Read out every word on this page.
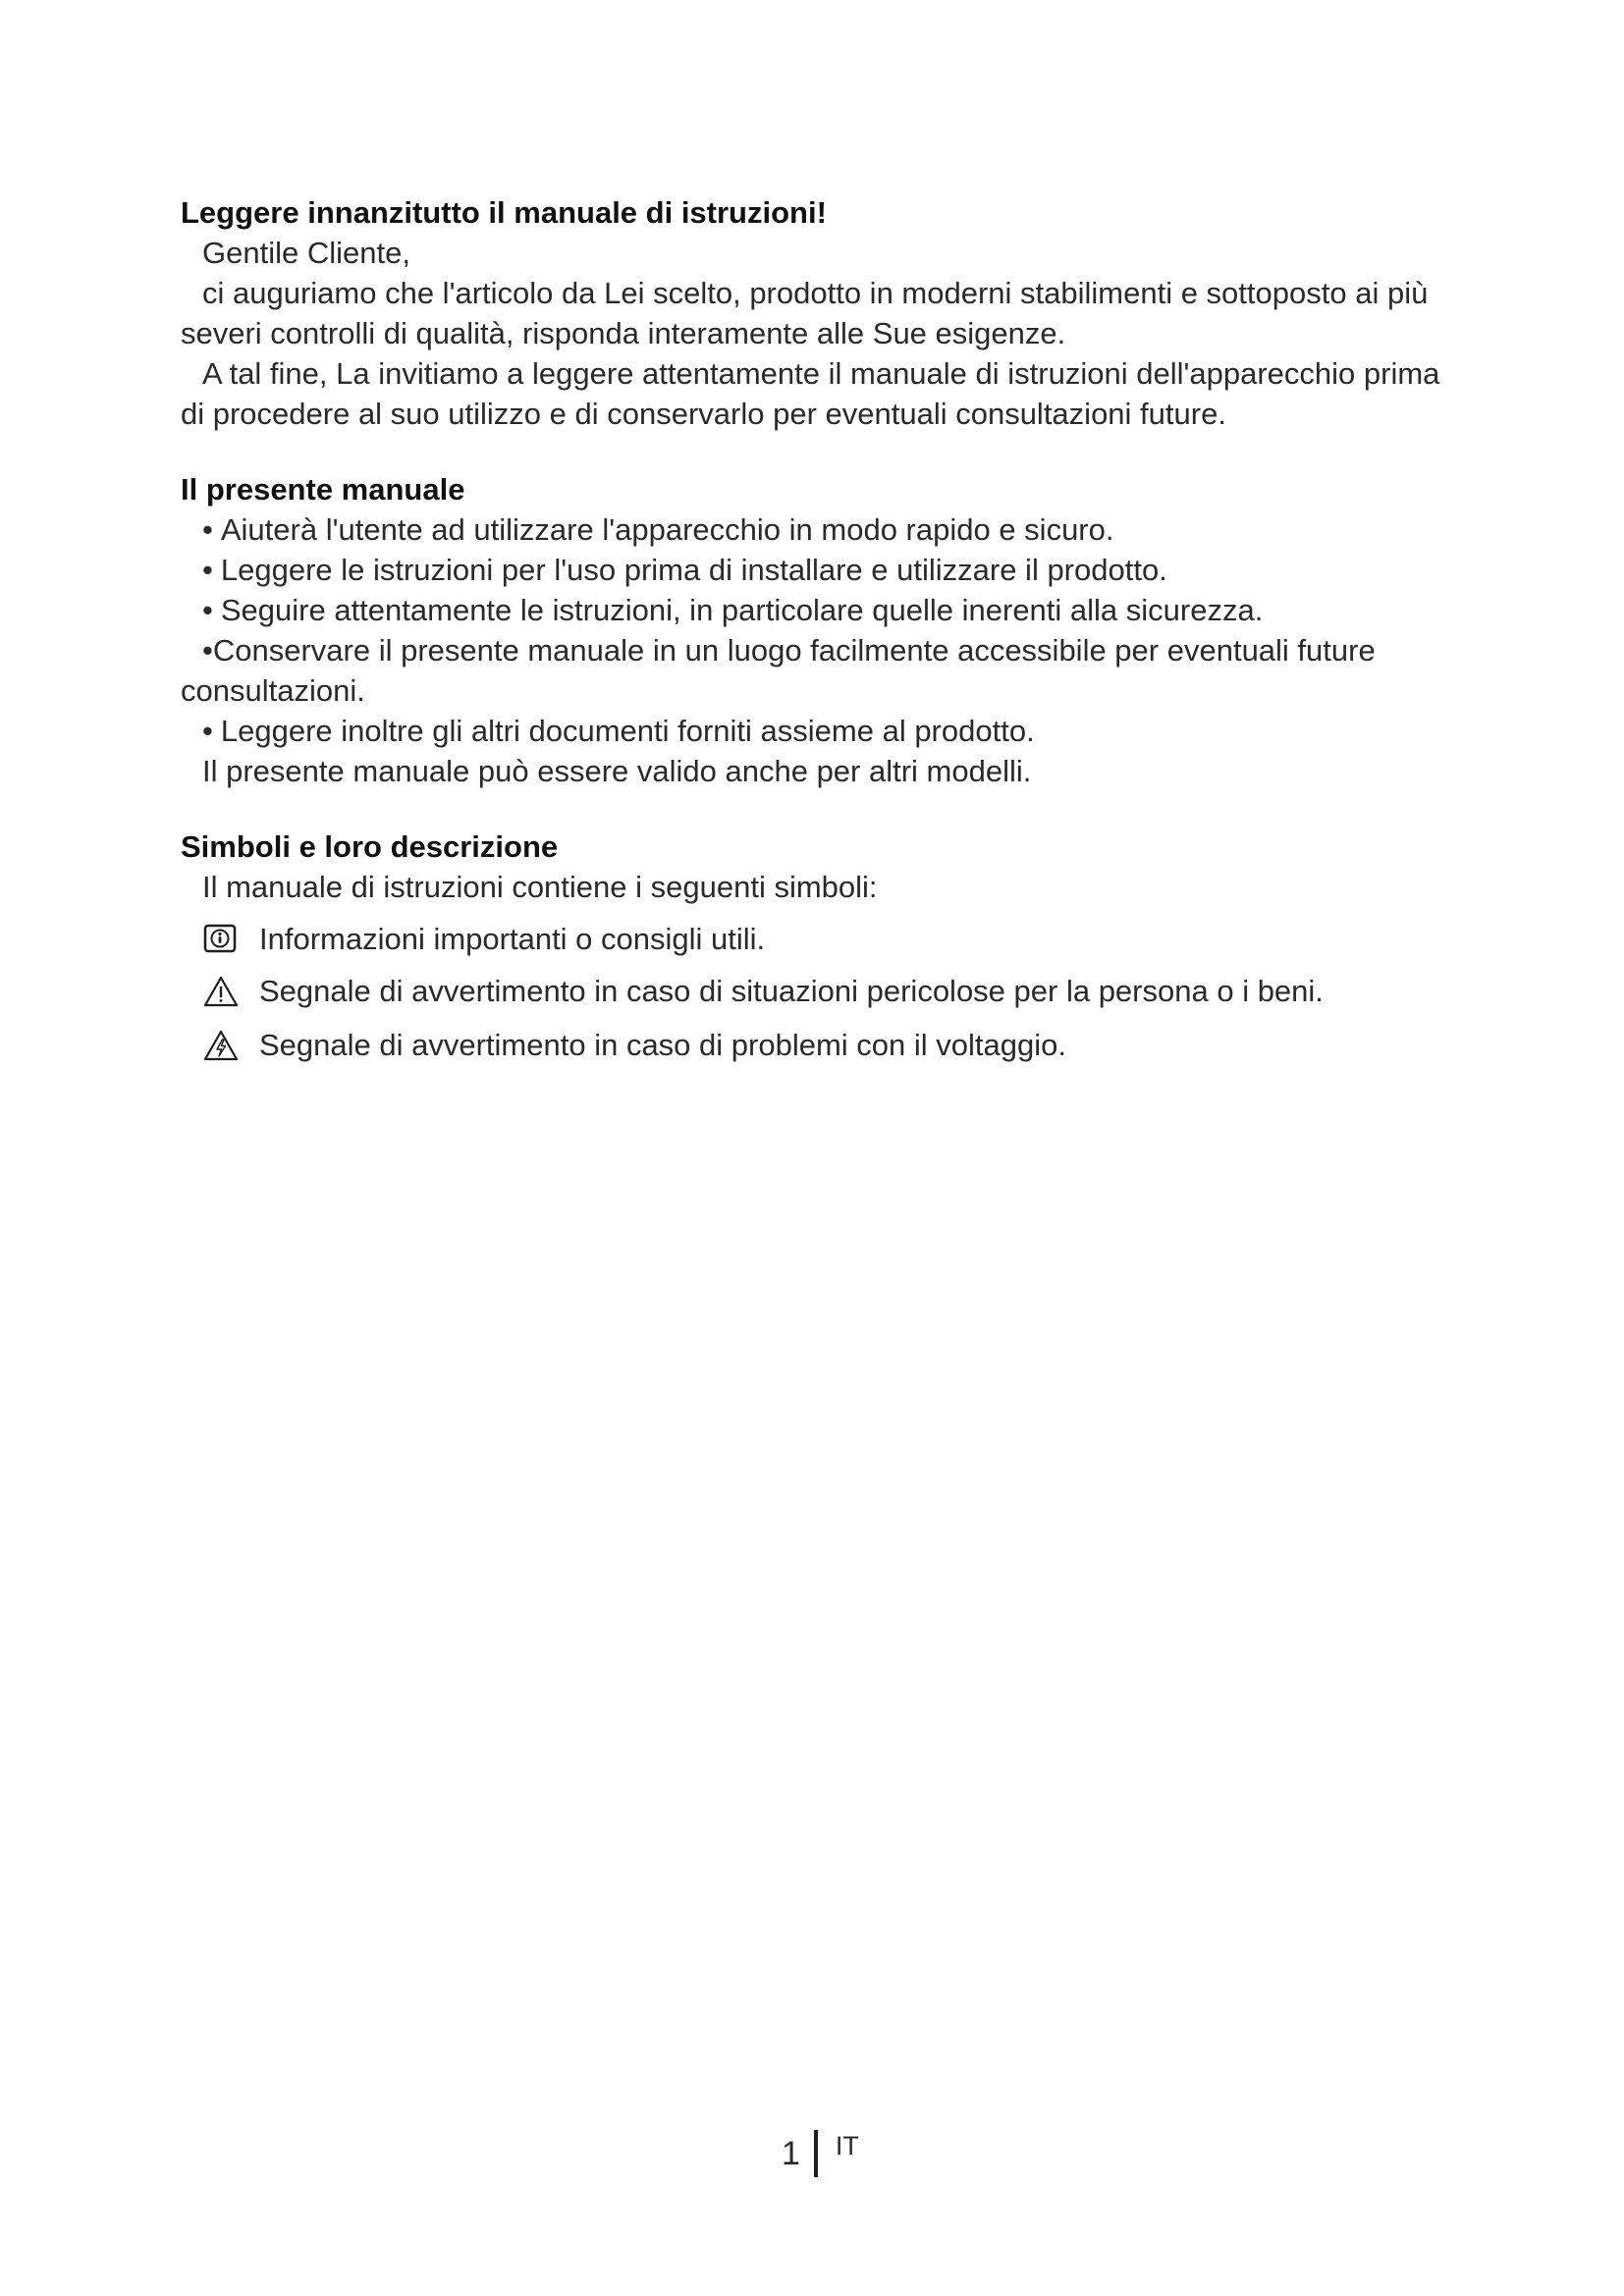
Leggere innanzitutto il manuale di istruzioni!

Gentile Cliente,

ci auguriamo che l'articolo da Lei scelto, prodotto in moderni stabilimenti e sottoposto ai più severi controlli di qualità, risponda interamente alle Sue esigenze.

A tal fine, La invitiamo a leggere attentamente il manuale di istruzioni dell'apparecchio prima di procedere al suo utilizzo e di conservarlo per eventuali consultazioni future.

Il presente manuale

• Aiuterà l'utente ad utilizzare l'apparecchio in modo rapido e sicuro.

• Leggere le istruzioni per l'uso prima di installare e utilizzare il prodotto.

• Seguire attentamente le istruzioni, in particolare quelle inerenti alla sicurezza.

•Conservare il presente manuale in un luogo facilmente accessibile per eventuali future consultazioni.

• Leggere inoltre gli altri documenti forniti assieme al prodotto.

Il presente manuale può essere valido anche per altri modelli.

Simboli e loro descrizione

Il manuale di istruzioni contiene i seguenti simboli:

Informazioni importanti o consigli utili.
Segnale di avvertimento in caso di situazioni pericolose per la persona o i beni.
Segnale di avvertimento in caso di problemi con il voltaggio.
1 IT
